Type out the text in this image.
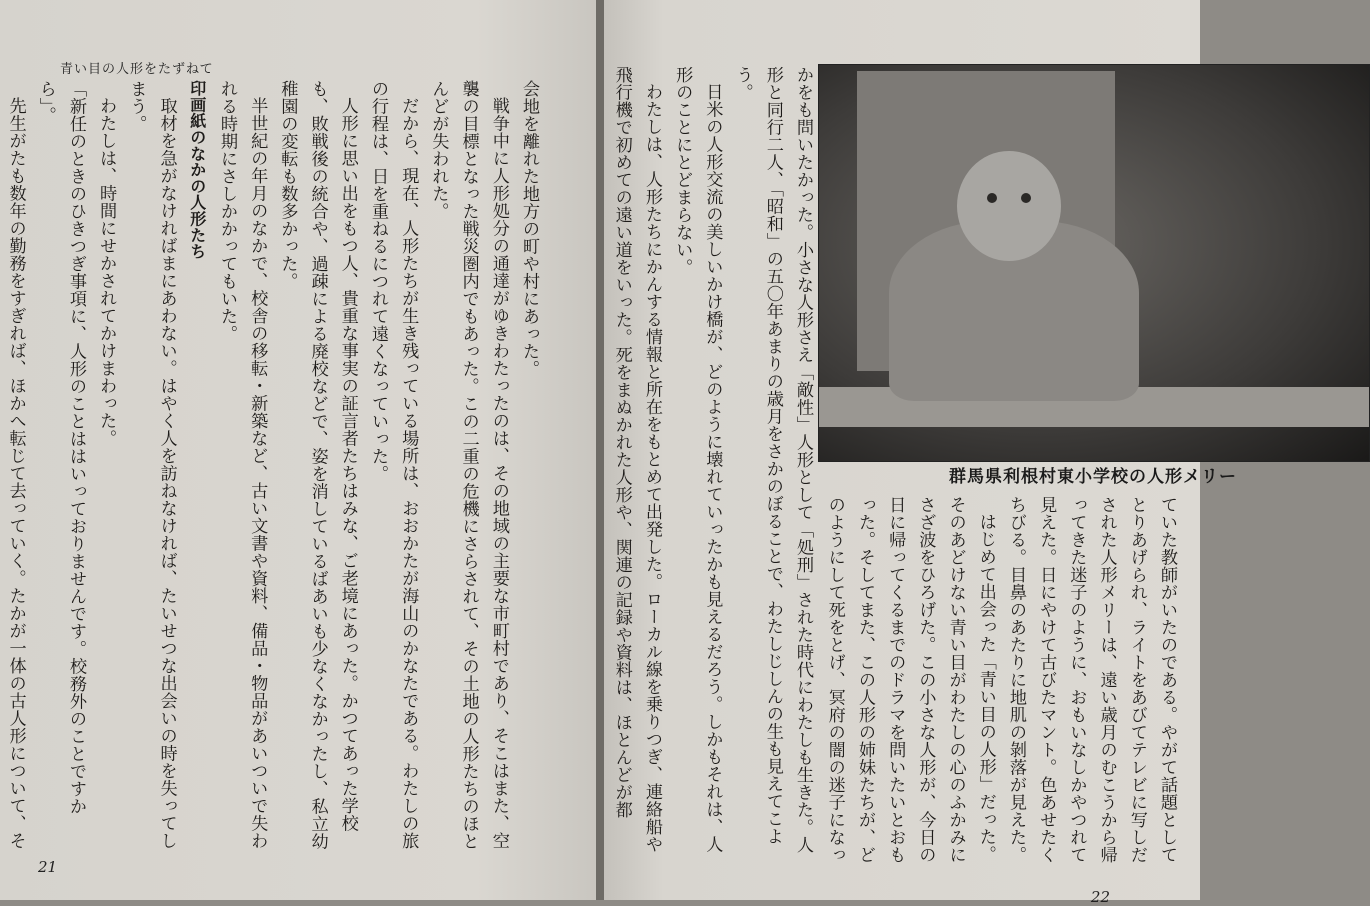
青い目の人形をたずねて

会地を離れた地方の町や村にあった。

戦争中に人形処分の通達がゆきわたったのは、その地域の主要な市町村であり、そこはまた、空襲の目標となった戦災圏内でもあった。この二重の危機にさらされて、その土地の人形たちのほとんどが失われた。

だから、現在、人形たちが生き残っている場所は、おおかたが海山のかなたである。わたしの旅の行程は、日を重ねるにつれて遠くなっていった。

人形に思い出をもつ人、貴重な事実の証言者たちはみな、ご老境にあった。かつてあった学校も、敗戦後の統合や、過疎による廃校などで、姿を消しているばあいも少なくなかったし、私立幼稚園の変転も数多かった。

半世紀の年月のなかで、校舎の移転・新築など、古い文書や資料、備品・物品があいついで失われる時期にさしかかってもいた。

印画紙のなかの人形たち

取材を急がなければまにあわない。はやく人を訪ねなければ、たいせつな出会いの時を失ってしまう。

わたしは、時間にせかされてかけまわった。

「新任のときのひきつぎ事項に、人形のことははいっておりませんです。校務外のことですから」。

先生がたも数年の勤務をすぎれば、ほかへ転じて去っていく。たかが一体の古人形について、そ

21

かをも問いたかった。小さな人形さえ「敵性」人形として「処刑」された時代にわたしも生きた。人形と同行二人、「昭和」の五〇年あまりの歳月をさかのぼることで、わたしじしんの生も見えてこよう。

日米の人形交流の美しいかけ橋が、どのように壊れていったかも見えるだろう。しかもそれは、人形のことにとどまらない。

わたしは、人形たちにかんする情報と所在をもとめて出発した。ローカル線を乗りつぎ、連絡船や飛行機で初めての遠い道をいった。死をまぬかれた人形や、関連の記録や資料は、ほとんどが都	群馬県利根村東小学校の人形メリー

ていた教師がいたのである。やがて話題としてとりあげられ、ライトをあびてテレビに写しだされた人形メリーは、遠い歳月のむこうから帰ってきた迷子のように、おもいなしかやつれて見えた。日にやけて古びたマント。色あせたくちびる。目鼻のあたりに地肌の剝落が見えた。

はじめて出会った「青い目の人形」だった。そのあどけない青い目がわたしの心のふかみにさざ波をひろげた。この小さな人形が、今日の日に帰ってくるまでのドラマを問いたいとおもった。そしてまた、この人形の姉妹たちが、どのようにして死をとげ、冥府の闇の迷子になっ

22
